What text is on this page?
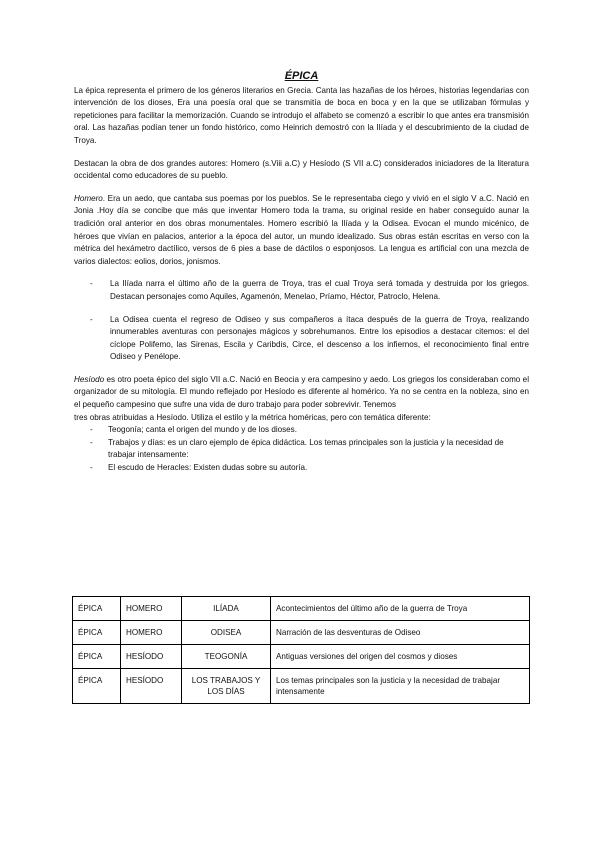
ÉPICA

La épica representa el primero de los géneros literarios en Grecia. Canta las hazañas de los héroes, historias legendarias con intervención de los dioses, Era una poesía oral que se transmitía de boca en boca y en la que se utilizaban fórmulas y repeticiones para facilitar la memorización. Cuando se introdujo el alfabeto se comenzó a escribir lo que antes era transmisión oral. Las hazañas podían tener un fondo histórico, como Heinrich demostró con la Ilíada y el descubrimiento de la ciudad de Troya.

Destacan la obra de dos grandes autores: Homero (s.Viii a.C) y Hesíodo (S VII a.C) considerados iniciadores de la literatura occidental como educadores de su pueblo.

Homero. Era un aedo, que cantaba sus poemas por los pueblos. Se le representaba ciego y vivió en el siglo V a.C. Nació en Jonia .Hoy día se concibe que más que inventar Homero toda la trama, su original reside en haber conseguido aunar la tradición oral anterior en dos obras monumentales. Homero escribió la Ilíada y la Odisea. Evocan el mundo micénico, de héroes que vivían en palacios, anterior a la época del autor, un mundo idealizado. Sus obras están escritas en verso con la métrica del hexámetro dactílico, versos de 6 pies a base de dáctilos o esponjosos. La lengua es artificial con una mezcla de varios dialectos: eolios, dorios, jonismos.

- La Ilíada narra el último año de la guerra de Troya, tras el cual Troya será tomada y destruida por los griegos. Destacan personajes como Aquiles, Agamenón, Menelao, Príamo, Héctor, Patroclo, Helena.
- La Odisea cuenta el regreso de Odiseo y sus compañeros a ítaca después de la guerra de Troya, realizando innumerables aventuras con personajes mágicos y sobrehumanos. Entre los episodios a destacar citemos: el del cíclope Polifemo, las Sirenas, Escila y Caribdis, Circe, el descenso a los infiernos, el reconocimiento final entre Odiseo y Penélope.

Hesíodo es otro poeta épico del siglo VII a.C. Nació en Beocia y era campesino y aedo. Los griegos los consideraban como el organizador de su mitología. El mundo reflejado por Hesíodo es diferente al homérico. Ya no se centra en la nobleza, sino en el pequeño campesino que sufre una vida de duro trabajo para poder sobrevivir. Tenemos

tres obras atribuidas a Hesíodo. Utiliza el estilo y la métrica homéricas, pero con temática diferente:

- Teogonía; canta el origen del mundo y de los dioses.
- Trabajos y días: es un claro ejemplo de épica didáctica. Los temas principales son la justicia y la necesidad de trabajar intensamente:
- El escudo de Heracles: Existen dudas sobre su autoría.
ÉPICA	HOMERO	ILÍADA	Acontecimientos del último año de la guerra de Troya
ÉPICA	HOMERO	ODISEA	Narración de las desventuras de Odiseo
ÉPICA	HESÍODO	TEOGONÍA	Antiguas versiones del origen del cosmos y dioses
ÉPICA	HESÍODO	LOS TRABAJOS Y LOS DÍAS	Los temas principales son la justicia y la necesidad de trabajar intensamente
